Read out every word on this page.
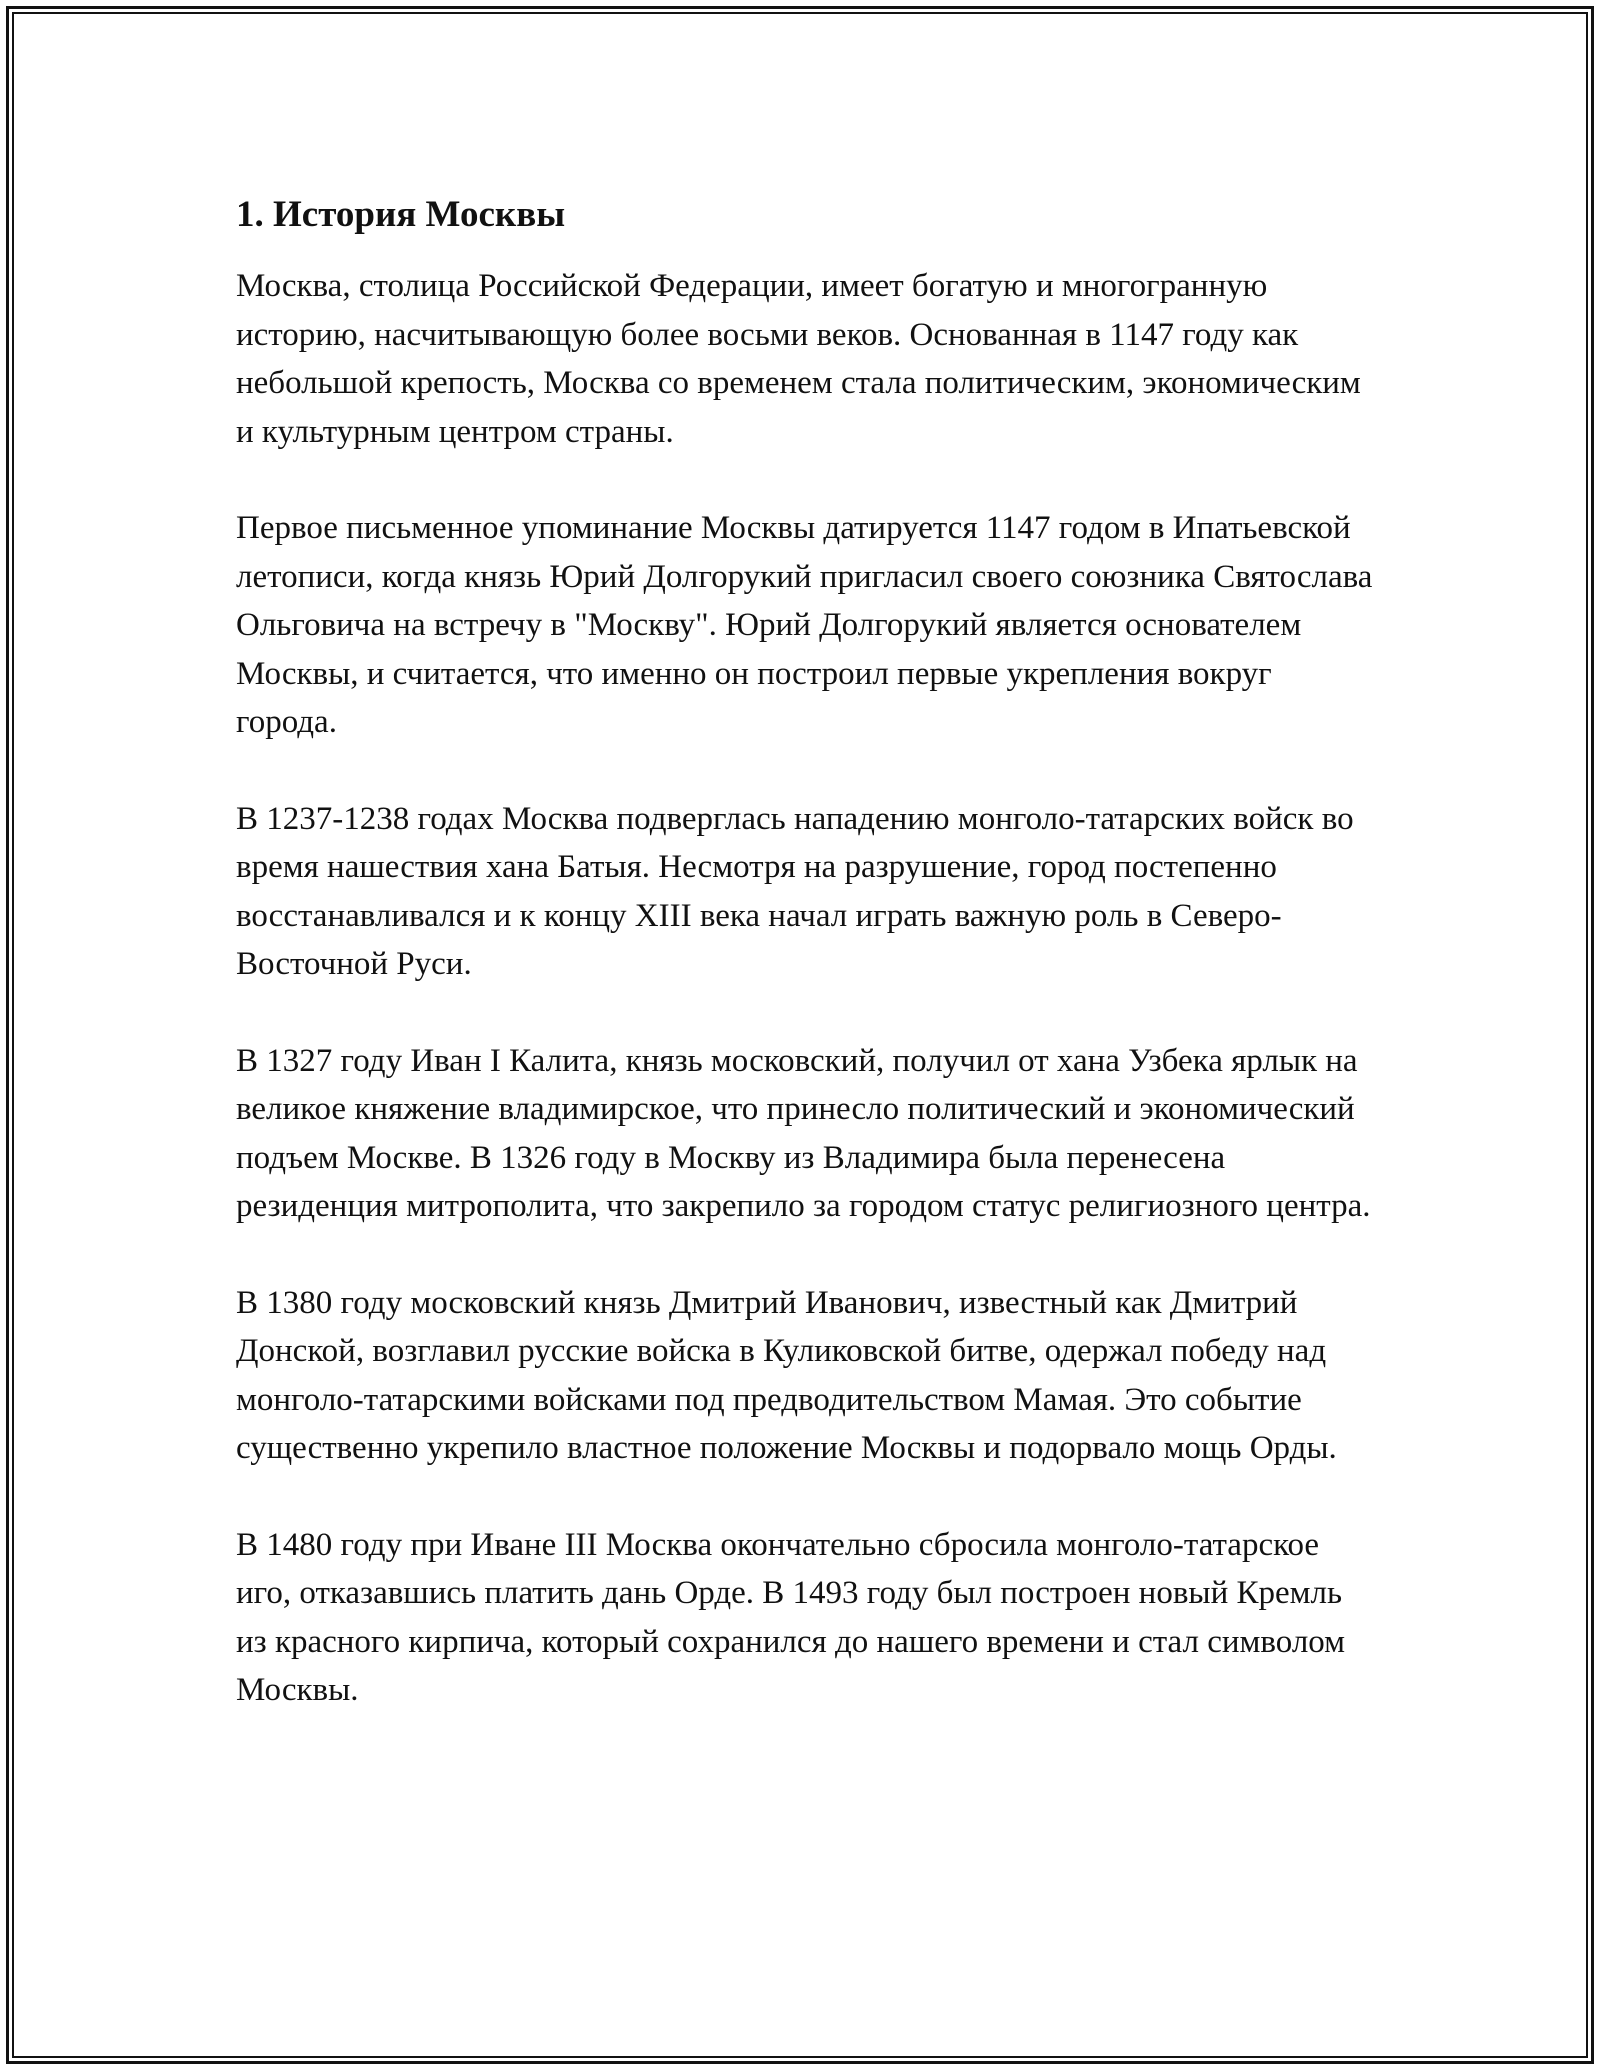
1. История Москвы

Москва, столица Российской Федерации, имеет богатую и многогранную историю, насчитывающую более восьми веков. Основанная в 1147 году как небольшой крепость, Москва со временем стала политическим, экономическим и культурным центром страны.

Первое письменное упоминание Москвы датируется 1147 годом в Ипатьевской летописи, когда князь Юрий Долгорукий пригласил своего союзника Святослава Ольговича на встречу в "Москву". Юрий Долгорукий является основателем Москвы, и считается, что именно он построил первые укрепления вокруг города.

В 1237-1238 годах Москва подверглась нападению монголо-татарских войск во время нашествия хана Батыя. Несмотря на разрушение, город постепенно восстанавливался и к концу XIII века начал играть важную роль в Северо-Восточной Руси.

В 1327 году Иван I Калита, князь московский, получил от хана Узбека ярлык на великое княжение владимирское, что принесло политический и экономический подъем Москве. В 1326 году в Москву из Владимира была перенесена резиденция митрополита, что закрепило за городом статус религиозного центра.

В 1380 году московский князь Дмитрий Иванович, известный как Дмитрий Донской, возглавил русские войска в Куликовской битве, одержал победу над монголо-татарскими войсками под предводительством Мамая. Это событие существенно укрепило властное положение Москвы и подорвало мощь Орды.

В 1480 году при Иване III Москва окончательно сбросила монголо-татарское иго, отказавшись платить дань Орде. В 1493 году был построен новый Кремль из красного кирпича, который сохранился до нашего времени и стал символом Москвы.
